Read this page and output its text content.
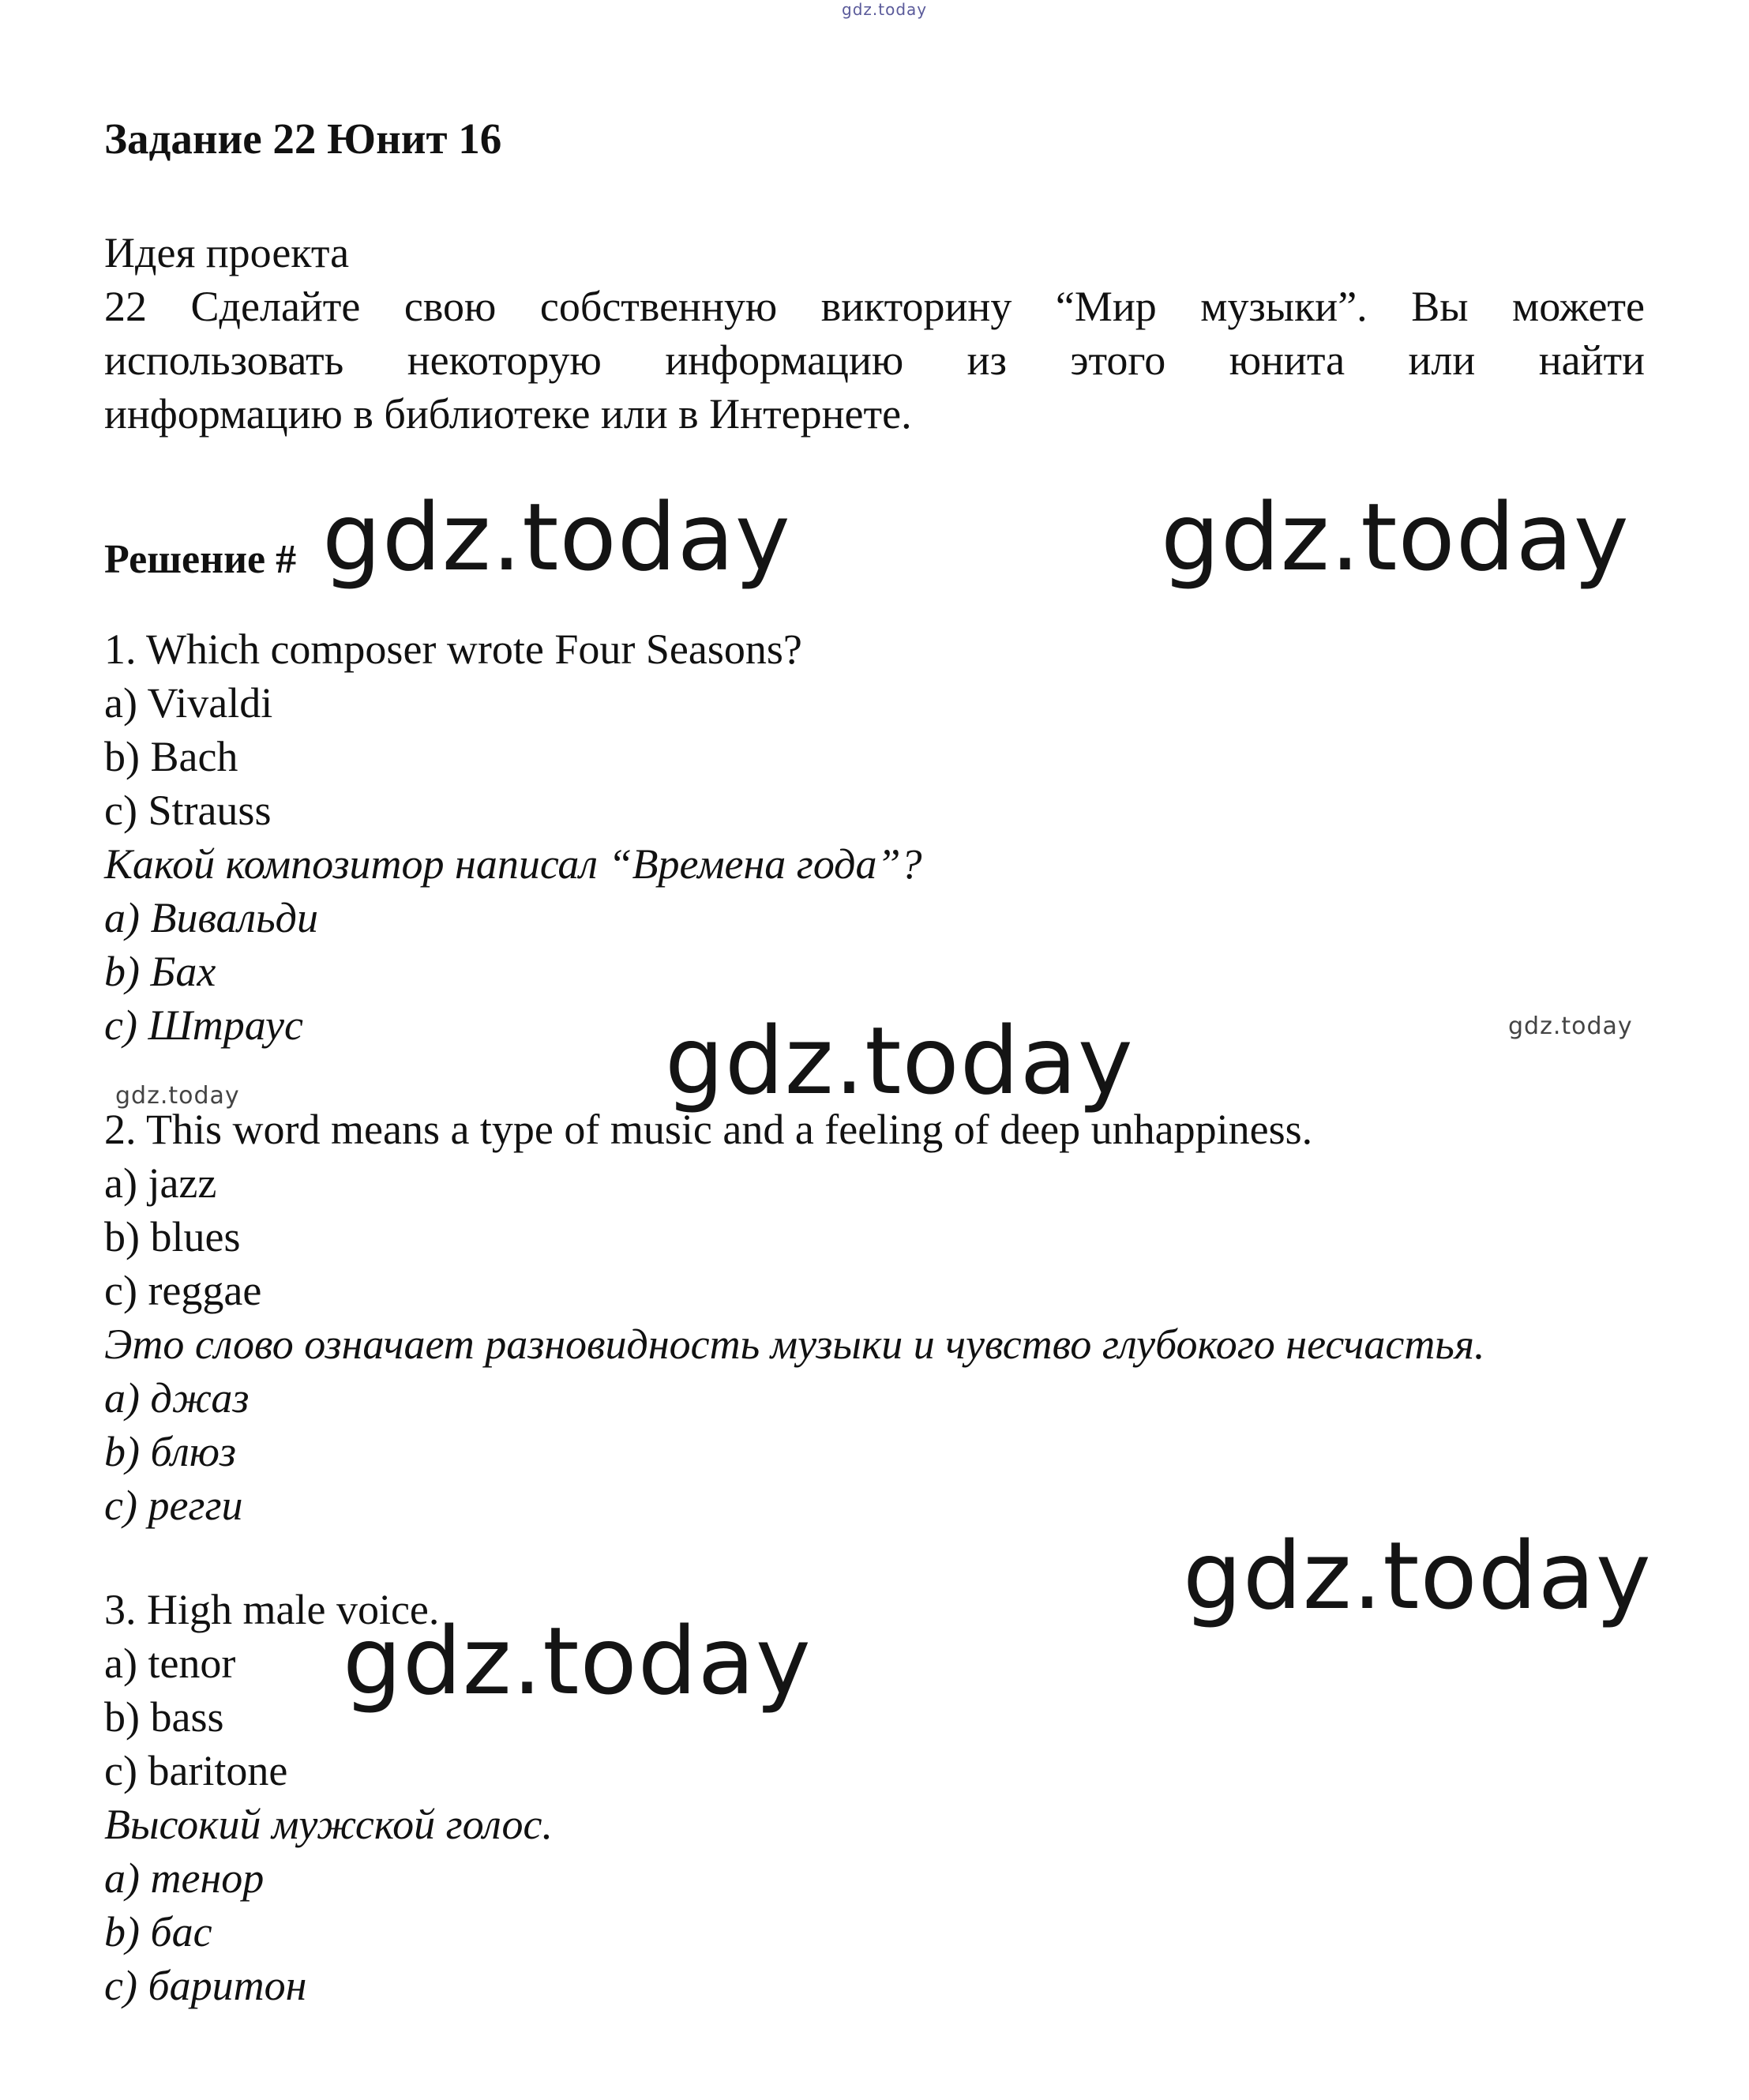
gdz.today
Задание 22 Юнит 16
Идея проекта
22 Сделайте свою собственную викторину “Мир музыки”. Вы можете
использовать некоторую информацию из этого юнита или найти
информацию в библиотеке или в Интернете.
Решение #
1. Which composer wrote Four Seasons?
a) Vivaldi
b) Bach
c) Strauss
Какой композитор написал “Времена года”?
a) Вивальди
b) Бах
c) Штраус
2. This word means a type of music and a feeling of deep unhappiness.
a) jazz
b) blues
c) reggae
Это слово означает разновидность музыки и чувство глубокого несчастья.
a) джаз
b) блюз
c) регги
3. High male voice.
a) tenor
b) bass
c) baritone
Высокий мужской голос.
a) тенор
b) бас
c) баритон
gdz.today	gdz.today
gdz.today
gdz.today
gdz.today
gdz.today
gdz.today
